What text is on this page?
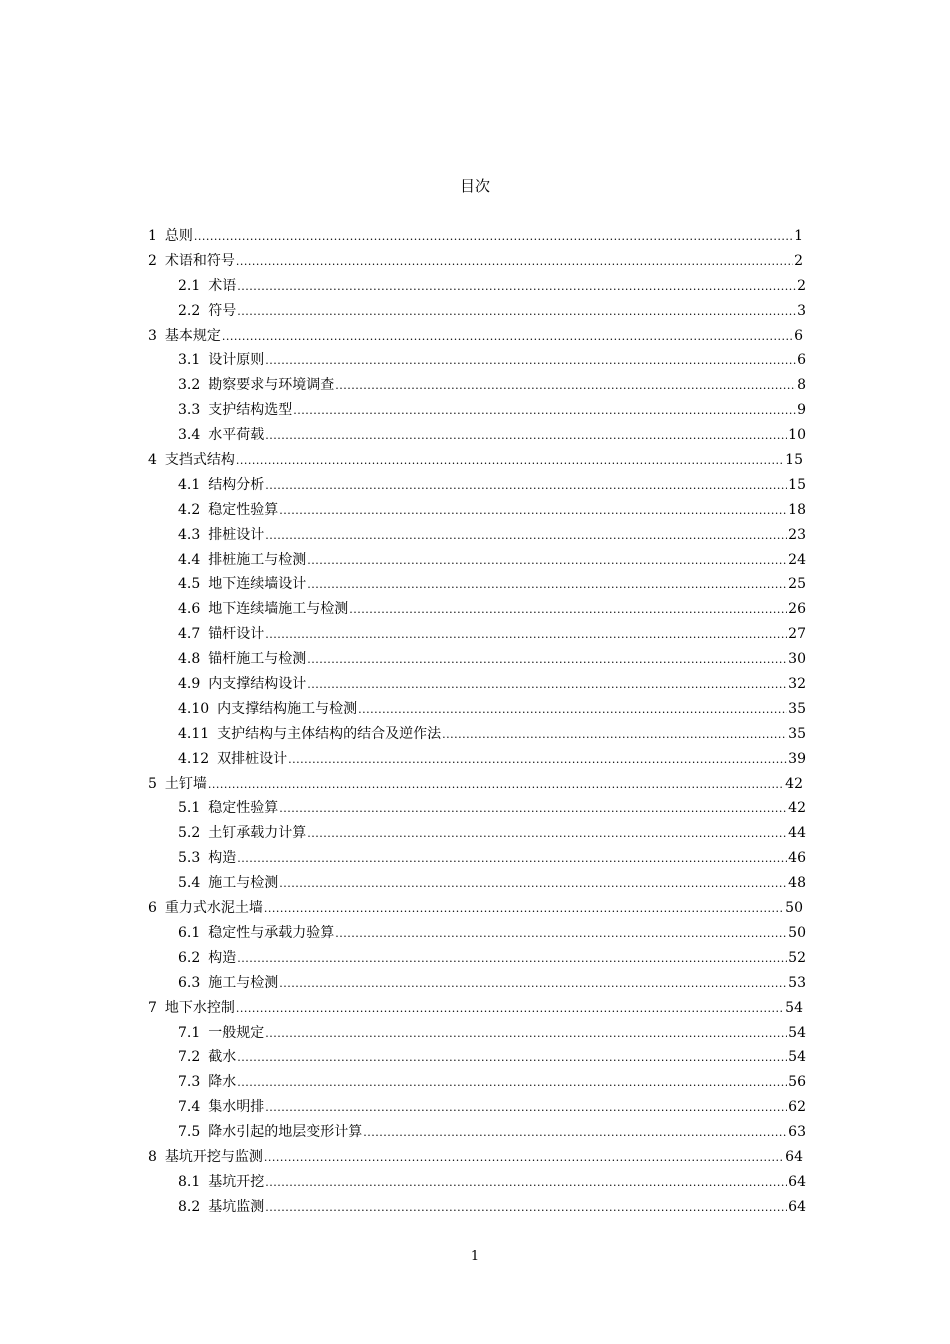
目次
1 总则 .....	1
2 术语和符号 .....	2
2.1 术语 .....	2
2.2 符号 .....	3
3 基本规定 .....	6
3.1 设计原则 .....	6
3.2 勘察要求与环境调查 .....	8
3.3 支护结构选型 .....	9
3.4 水平荷载 .....	10
4 支挡式结构 .....	15
4.1 结构分析 .....	15
4.2 稳定性验算 .....	18
4.3 排桩设计 .....	23
4.4 排桩施工与检测 .....	24
4.5 地下连续墙设计 .....	25
4.6 地下连续墙施工与检测 .....	26
4.7 锚杆设计 .....	27
4.8 锚杆施工与检测 .....	30
4.9 内支撑结构设计 .....	32
4.10 内支撑结构施工与检测 .....	35
4.11 支护结构与主体结构的结合及逆作法 .....	35
4.12 双排桩设计 .....	39
5 土钉墙 .....	42
5.1 稳定性验算 .....	42
5.2 土钉承载力计算 .....	44
5.3 构造 .....	46
5.4 施工与检测 .....	48
6 重力式水泥土墙 .....	50
6.1 稳定性与承载力验算 .....	50
6.2 构造 .....	52
6.3 施工与检测 .....	53
7 地下水控制 .....	54
7.1 一般规定 .....	54
7.2 截水 .....	54
7.3 降水 .....	56
7.4 集水明排 .....	62
7.5 降水引起的地层变形计算 .....	63
8 基坑开挖与监测 .....	64
8.1 基坑开挖 .....	64
8.2 基坑监测 .....	64
1
